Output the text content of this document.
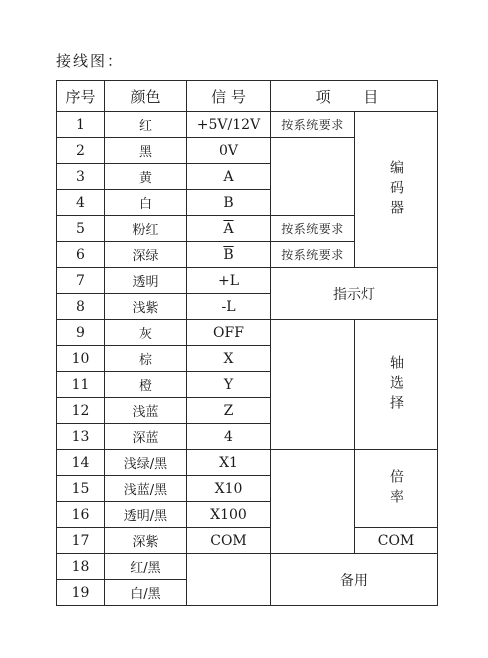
接线图：
序号	颜色	信 号	项 目	
1	红	+5V/12V	按系统要求	编码器
2	黑	0V		
3	黄	A		
4	白	B		
5	粉红	$\overline{A}$	按系统要求	
6	深绿	$\overline{B}$	按系统要求	
7	透明	+L	指示灯	
8	浅紫	-L		
9	灰	OFF		轴选择
10	棕	X		
11	橙	Y		
12	浅蓝	Z		
13	深蓝	4		
14	浅绿/黑	X1		倍率
15	浅蓝/黑	X10		
16	透明/黑	X100		
17	深紫	COM		COM
18	红/黑		备用	
19	白/黑			
